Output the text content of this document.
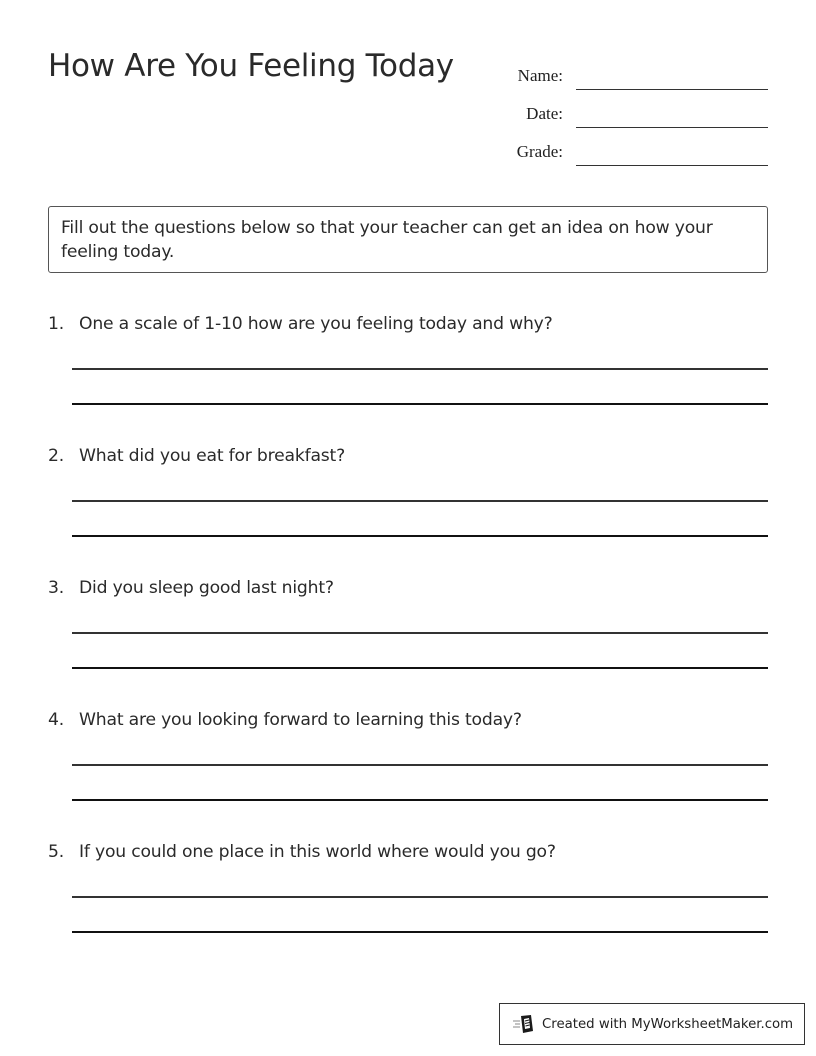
How Are You Feeling Today	Name:
Date:
Grade:
Fill out the questions below so that your teacher can get an idea on how your feeling today.
1. One a scale of 1-10 how are you feeling today and why?
2. What did you eat for breakfast?
3. Did you sleep good last night?
4. What are you looking forward to learning this today?
5. If you could one place in this world where would you go?
Created with MyWorksheetMaker.com
